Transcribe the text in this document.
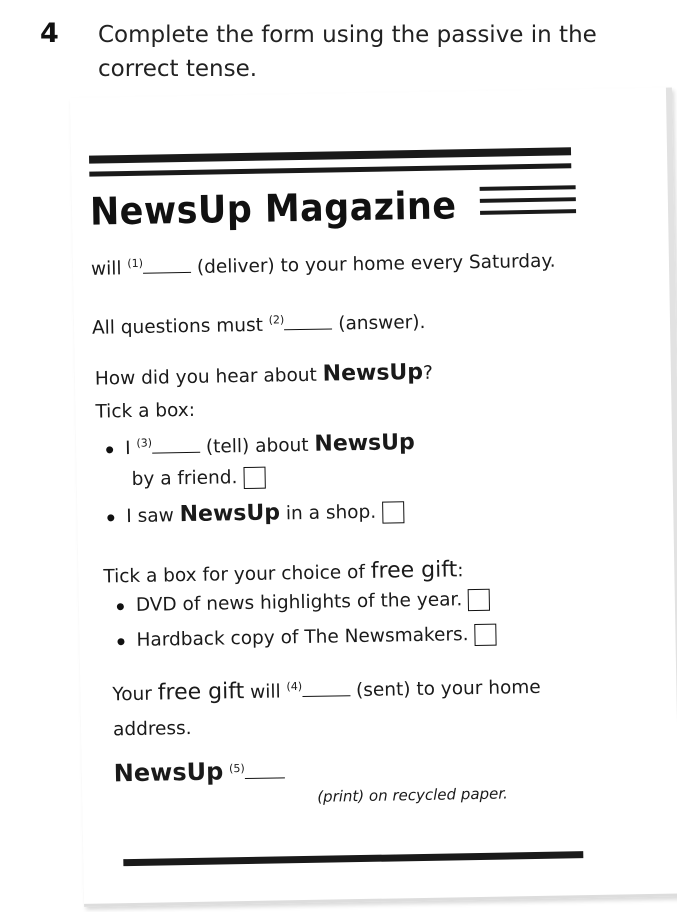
4 Complete the form using the passive in the
correct tense.
NewsUp Magazine
will $^{(1)}$	(deliver) to your home every Saturday.
All questions must $^{(2)}$	(answer).
How did you hear about NewsUp?
Tick a box:
I $^{(3)}$	(tell) about NewsUp
by a friend.
I saw NewsUp in a shop.
Tick a box for your choice of free gift:
DVD of news highlights of the year.
Hardback copy of The Newsmakers.
Your free gift will $^{(4)}$	(sent) to your home
address.
NewsUp $^{(5)}$
(print) on recycled paper.
